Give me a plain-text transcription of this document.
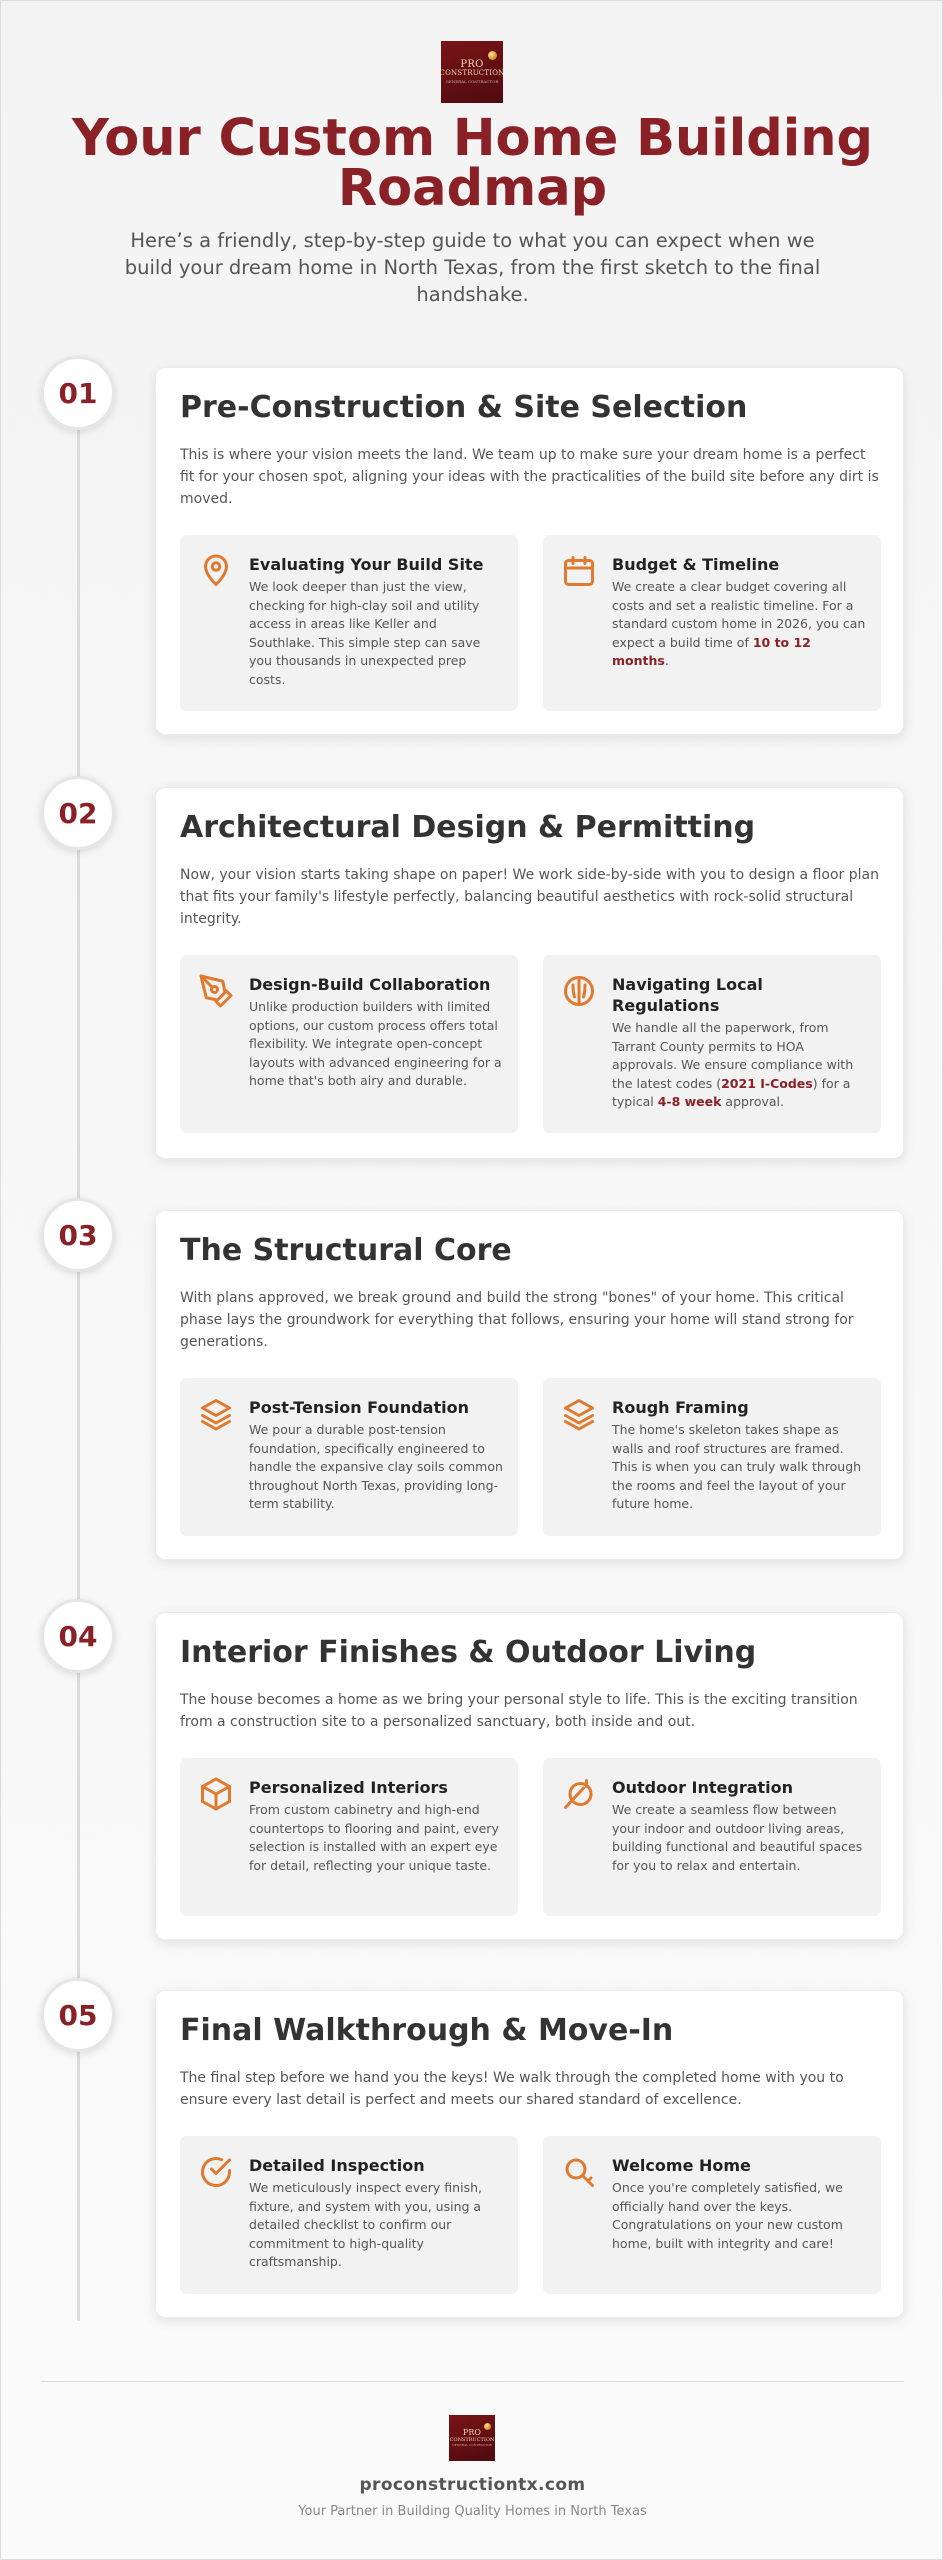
PRO
CONSTRUCTION
GENERAL CONTRACTOR
Your Custom Home Building Roadmap

Here’s a friendly, step-by-step guide to what you can expect when we build your dream home in North Texas, from the first sketch to the final handshake.

01	Pre-Construction & Site Selection

This is where your vision meets the land. We team up to make sure your dream home is a perfect fit for your chosen spot, aligning your ideas with the practicalities of the build site before any dirt is moved.

Evaluating Your Build Site

We look deeper than just the view, checking for high-clay soil and utility access in areas like Keller and Southlake. This simple step can save you thousands in unexpected prep costs.

Budget & Timeline

We create a clear budget covering all costs and set a realistic timeline. For a standard custom home in 2026, you can expect a build time of 10 to 12 months.

02	Architectural Design & Permitting

Now, your vision starts taking shape on paper! We work side-by-side with you to design a floor plan that fits your family's lifestyle perfectly, balancing beautiful aesthetics with rock-solid structural integrity.

Design-Build Collaboration

Unlike production builders with limited options, our custom process offers total flexibility. We integrate open-concept layouts with advanced engineering for a home that's both airy and durable.

Navigating Local Regulations

We handle all the paperwork, from Tarrant County permits to HOA approvals. We ensure compliance with the latest codes (2021 I-Codes) for a typical 4-8 week approval.

03	The Structural Core

With plans approved, we break ground and build the strong "bones" of your home. This critical phase lays the groundwork for everything that follows, ensuring your home will stand strong for generations.

Post-Tension Foundation

We pour a durable post-tension foundation, specifically engineered to handle the expansive clay soils common throughout North Texas, providing long-term stability.

Rough Framing

The home's skeleton takes shape as walls and roof structures are framed. This is when you can truly walk through the rooms and feel the layout of your future home.

04	Interior Finishes & Outdoor Living

The house becomes a home as we bring your personal style to life. This is the exciting transition from a construction site to a personalized sanctuary, both inside and out.

Personalized Interiors

From custom cabinetry and high-end countertops to flooring and paint, every selection is installed with an expert eye for detail, reflecting your unique taste.

Outdoor Integration

We create a seamless flow between your indoor and outdoor living areas, building functional and beautiful spaces for you to relax and entertain.

05	Final Walkthrough & Move-In

The final step before we hand you the keys! We walk through the completed home with you to ensure every last detail is perfect and meets our shared standard of excellence.

Detailed Inspection

We meticulously inspect every finish, fixture, and system with you, using a detailed checklist to confirm our commitment to high-quality craftsmanship.

Welcome Home

Once you're completely satisfied, we officially hand over the keys. Congratulations on your new custom home, built with integrity and care!

PRO
CONSTRUCTION
GENERAL CONTRACTOR
proconstructiontx.com
Your Partner in Building Quality Homes in North Texas
